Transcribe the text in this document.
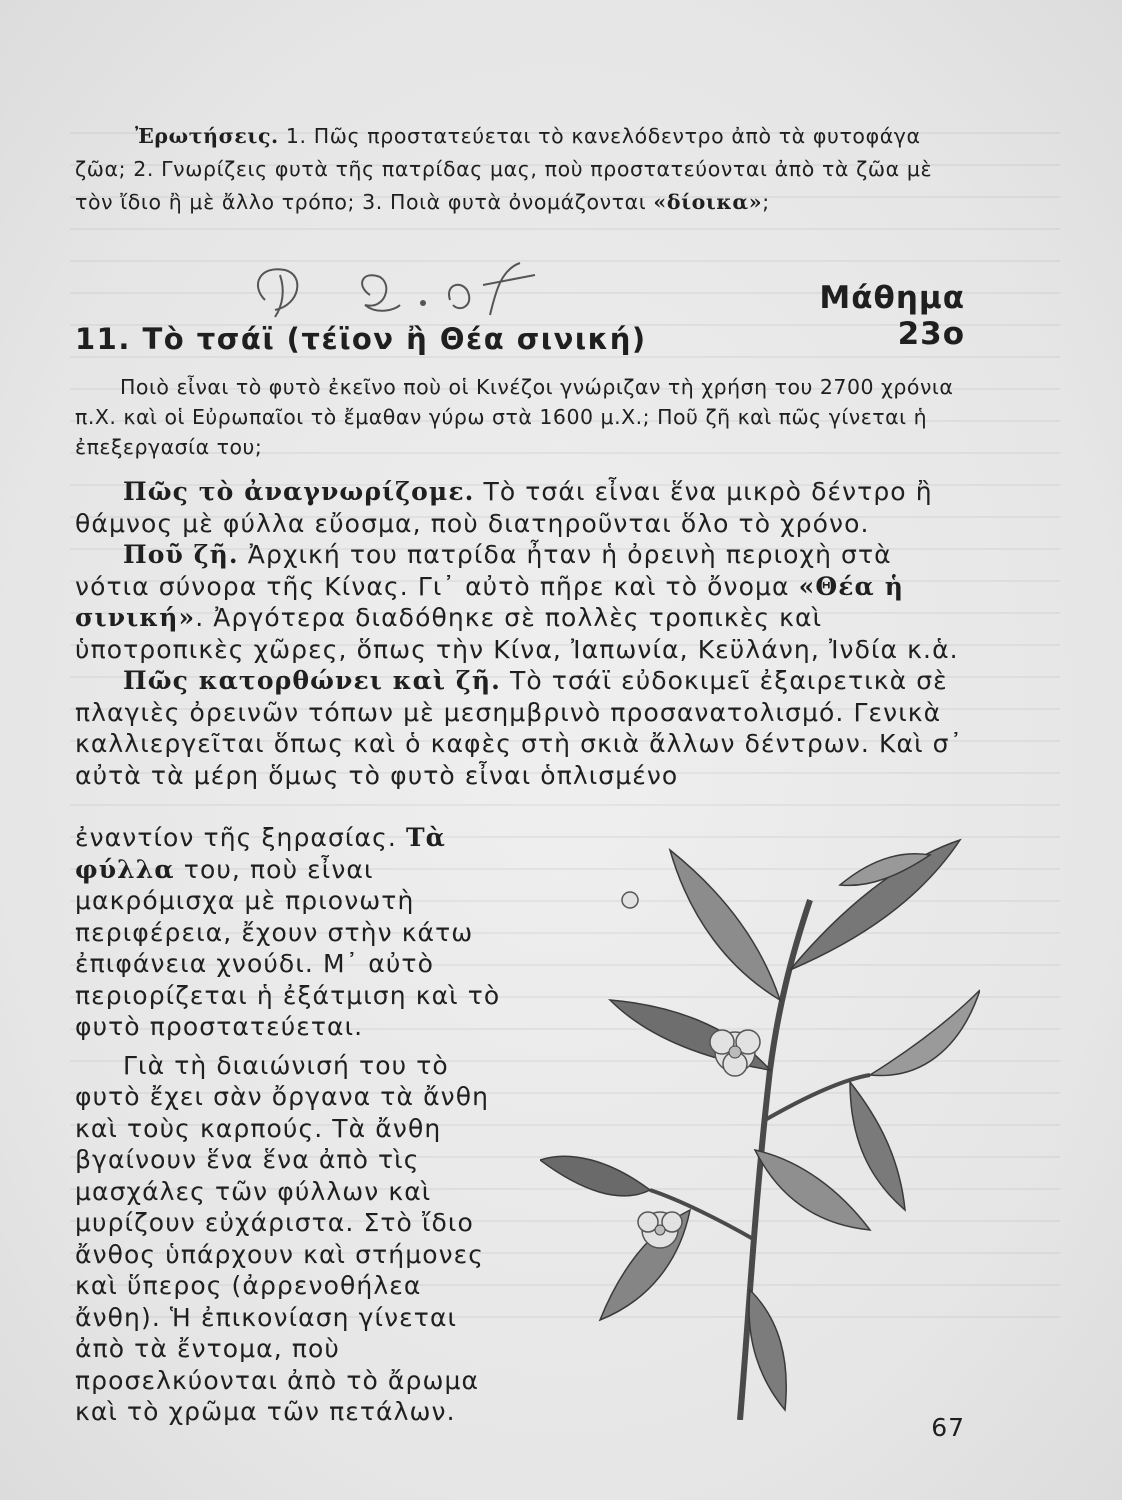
Ἐρωτήσεις. 1. Πῶς προστατεύεται τὸ κανελόδεντρο ἀπὸ τὰ φυτοφάγα ζῶα; 2. Γνωρίζεις φυτὰ τῆς πατρίδας μας, ποὺ προστατεύονται ἀπὸ τὰ ζῶα μὲ τὸν ἴδιο ἢ μὲ ἄλλο τρόπο; 3. Ποιὰ φυτὰ ὀνομάζονται «δίοικα»;

Μάθημα 23ο
11. Τὸ τσάϊ (τέϊον ἢ Θέα σινική)

Ποιὸ εἶναι τὸ φυτὸ ἐκεῖνο ποὺ οἱ Κινέζοι γνώριζαν τὴ χρήση του 2700 χρόνια π.Χ. καὶ οἱ Εὐρωπαῖοι τὸ ἔμαθαν γύρω στὰ 1600 μ.Χ.; Ποῦ ζῆ καὶ πῶς γίνεται ἡ ἐπεξεργασία του;

Πῶς τὸ ἀναγνωρίζομε. Τὸ τσάι εἶναι ἕνα μικρὸ δέντρο ἢ θάμνος μὲ φύλλα εὔοσμα, ποὺ διατηροῦνται ὅλο τὸ χρόνο.

Ποῦ ζῆ. Ἀρχική του πατρίδα ἦταν ἡ ὀρεινὴ περιοχὴ στὰ νότια σύνορα τῆς Κίνας. Γι᾿ αὐτὸ πῆρε καὶ τὸ ὄνομα «Θέα ἡ σινική». Ἀργότερα διαδόθηκε σὲ πολλὲς τροπικὲς καὶ ὑποτροπικὲς χῶρες, ὅπως τὴν Κίνα, Ἰαπωνία, Κεϋλάνη, Ἰνδία κ.ἁ.

Πῶς κατορθώνει καὶ ζῆ. Τὸ τσάϊ εὐδοκιμεῖ ἐξαιρετικὰ σὲ πλαγιὲς ὀρεινῶν τόπων μὲ μεσημβρινὸ προσανατολισμό. Γενικὰ καλλιεργεῖται ὅπως καὶ ὁ καφὲς στὴ σκιὰ ἄλλων δέντρων. Καὶ σ᾿ αὐτὰ τὰ μέρη ὅμως τὸ φυτὸ εἶναι ὁπλισμένο

ἐναντίον τῆς ξηρασίας. Τὰ φύλλα του, ποὺ εἶναι μακρόμισχα μὲ πριονωτὴ περιφέρεια, ἔχουν στὴν κάτω ἐπιφάνεια χνούδι. Μ᾿ αὐτὸ περιορίζεται ἡ ἐξάτμιση καὶ τὸ φυτὸ προστατεύεται.

Γιὰ τὴ διαιώνισή του τὸ φυτὸ ἔχει σὰν ὄργανα τὰ ἄνθη καὶ τοὺς καρπούς. Τὰ ἄνθη βγαίνουν ἕνα ἕνα ἀπὸ τὶς μασχάλες τῶν φύλλων καὶ μυρίζουν εὐχάριστα. Στὸ ἴδιο ἄνθος ὑπάρχουν καὶ στήμονες καὶ ὕπερος (ἀρρενοθήλεα ἄνθη). Ἡ ἐπικονίαση γίνεται ἀπὸ τὰ ἔντομα, ποὺ προσελκύονται ἀπὸ τὸ ἄρωμα καὶ τὸ χρῶμα τῶν πετάλων.

67
